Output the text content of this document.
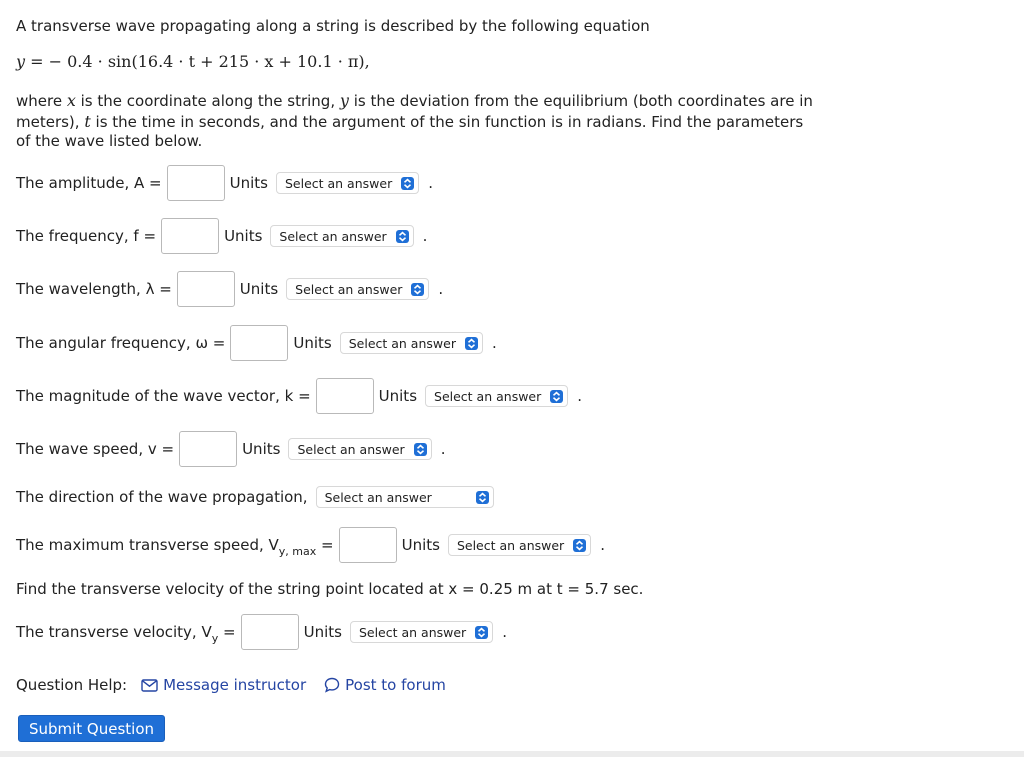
A transverse wave propagating along a string is described by the following equation
y = − 0.4 · sin(16.4 · t + 215 · x + 10.1 · π),
where x is the coordinate along the string, y is the deviation from the equilibrium (both coordinates are in meters), t is the time in seconds, and the argument of the sin function is in radians. Find the parameters of the wave listed below.
The amplitude, A =	Units Select an answer .
The frequency, f =	Units Select an answer .
The wavelength, λ =	Units Select an answer .
The angular frequency, ω =	Units Select an answer .
The magnitude of the wave vector, k =	Units Select an answer .
The wave speed, v =	Units Select an answer .
The direction of the wave propagation, Select an answer
The maximum transverse speed, $V_{y, max}$ =	Units Select an answer .
Find the transverse velocity of the string point located at x = 0.25 m at t = 5.7 sec.
The transverse velocity, $V_y$ =	Units Select an answer .
Question Help: Message instructor	Post to forum
Submit Question
